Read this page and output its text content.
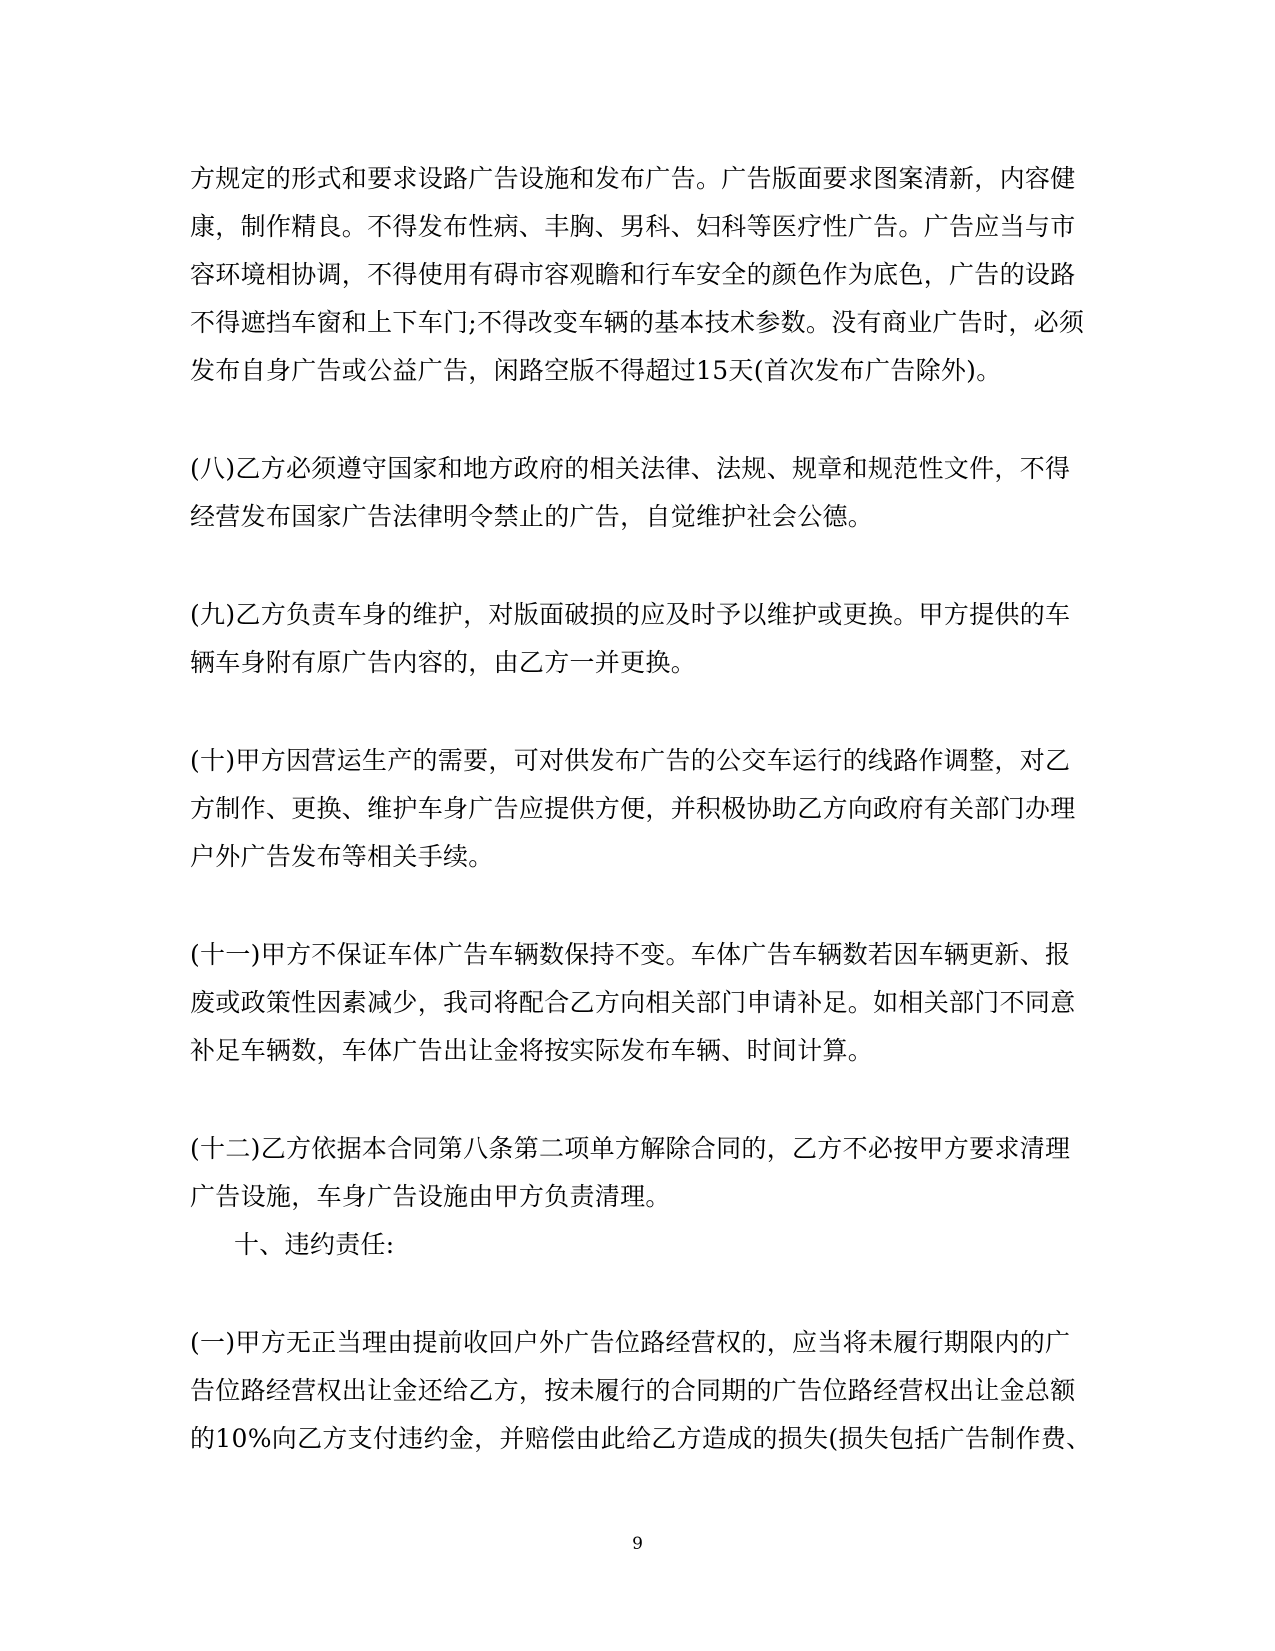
方规定的形式和要求设路广告设施和发布广告。广告版面要求图案清新，内容健
康，制作精良。不得发布性病、丰胸、男科、妇科等医疗性广告。广告应当与市
容环境相协调，不得使用有碍市容观瞻和行车安全的颜色作为底色，广告的设路
不得遮挡车窗和上下车门;不得改变车辆的基本技术参数。没有商业广告时，必须
发布自身广告或公益广告，闲路空版不得超过15天(首次发布广告除外)。

(八)乙方必须遵守国家和地方政府的相关法律、法规、规章和规范性文件，不得
经营发布国家广告法律明令禁止的广告，自觉维护社会公德。

(九)乙方负责车身的维护，对版面破损的应及时予以维护或更换。甲方提供的车
辆车身附有原广告内容的，由乙方一并更换。

(十)甲方因营运生产的需要，可对供发布广告的公交车运行的线路作调整，对乙
方制作、更换、维护车身广告应提供方便，并积极协助乙方向政府有关部门办理
户外广告发布等相关手续。

(十一)甲方不保证车体广告车辆数保持不变。车体广告车辆数若因车辆更新、报
废或政策性因素减少，我司将配合乙方向相关部门申请补足。如相关部门不同意
补足车辆数，车体广告出让金将按实际发布车辆、时间计算。

(十二)乙方依据本合同第八条第二项单方解除合同的，乙方不必按甲方要求清理
广告设施，车身广告设施由甲方负责清理。

十、违约责任:

(一)甲方无正当理由提前收回户外广告位路经营权的，应当将未履行期限内的广
告位路经营权出让金还给乙方，按未履行的合同期的广告位路经营权出让金总额
的10%向乙方支付违约金，并赔偿由此给乙方造成的损失(损失包括广告制作费、

9
